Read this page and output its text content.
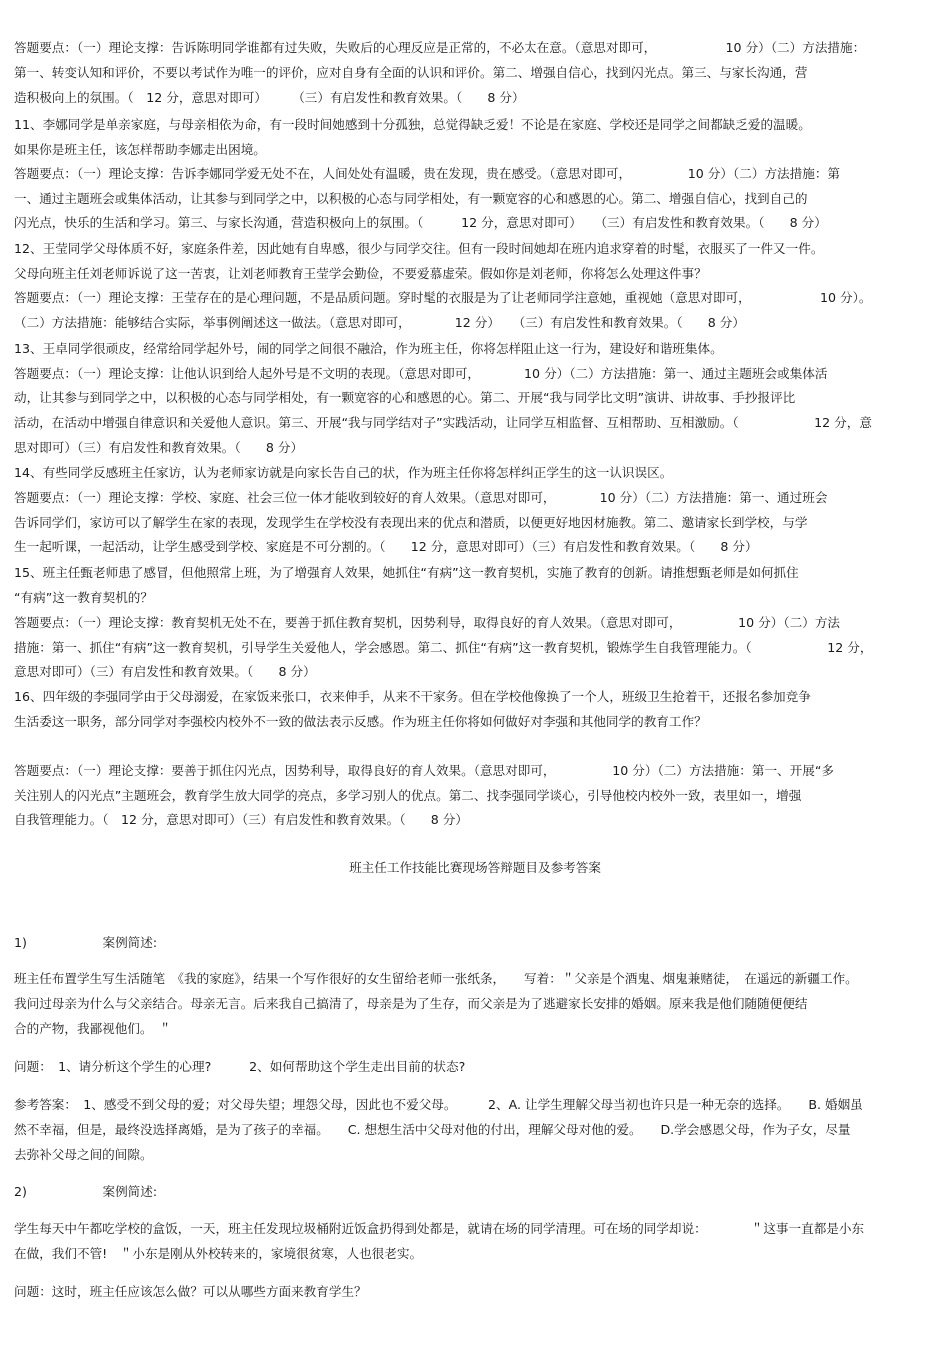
答题要点：（一）理论支撑：告诉陈明同学谁都有过失败，失败后的心理反应是正常的，不必太在意。（意思对即可，　　　　　　10 分）（二）方法措施：
第一、转变认知和评价，不要以考试作为唯一的评价，应对自身有全面的认识和评价。第二、增强自信心，找到闪光点。第三、与家长沟通，营
造积极向上的氛围。（　12 分，意思对即可）　　　（三）有启发性和教育效果。（　　8 分）
11、李娜同学是单亲家庭，与母亲相依为命，有一段时间她感到十分孤独，总觉得缺乏爱！不论是在家庭、学校还是同学之间都缺乏爱的温暖。
如果你是班主任，该怎样帮助李娜走出困境。
答题要点：（一）理论支撑：告诉李娜同学爱无处不在，人间处处有温暖，贵在发现，贵在感受。（意思对即可，　　　　　10 分）（二）方法措施：第
一、通过主题班会或集体活动，让其参与到同学之中，以积极的心态与同学相处，有一颗宽容的心和感恩的心。第二、增强自信心，找到自己的
闪光点，快乐的生活和学习。第三、与家长沟通，营造积极向上的氛围。（　　　12 分，意思对即可）　　（三）有启发性和教育效果。（　　8 分）
12、王莹同学父母体质不好，家庭条件差，因此她有自卑感，很少与同学交往。但有一段时间她却在班内追求穿着的时髦，衣服买了一件又一件。
父母向班主任刘老师诉说了这一苦衷，让刘老师教育王莹学会勤俭，不要爱慕虚荣。假如你是刘老师，你将怎么处理这件事？
答题要点：（一）理论支撑：王莹存在的是心理问题，不是品质问题。穿时髦的衣服是为了让老师同学注意她，重视她（意思对即可，　　　　　　10 分）。
（二）方法措施：能够结合实际，举事例阐述这一做法。（意思对即可，　　　　12 分）　　（三）有启发性和教育效果。（　　8 分）
13、王卓同学很顽皮，经常给同学起外号，闹的同学之间很不融洽，作为班主任，你将怎样阻止这一行为，建设好和谐班集体。
答题要点：（一）理论支撑：让他认识到给人起外号是不文明的表现。（意思对即可，　　　　10 分）（二）方法措施：第一、通过主题班会或集体活
动，让其参与到同学之中，以积极的心态与同学相处，有一颗宽容的心和感恩的心。第二、开展“我与同学比文明”演讲、讲故事、手抄报评比
活动，在活动中增强自律意识和关爱他人意识。第三、开展“我与同学结对子”实践活动，让同学互相监督、互相帮助、互相激励。（　　　　　　12 分，意
思对即可）（三）有启发性和教育效果。（　　8 分）
14、有些同学反感班主任家访，认为老师家访就是向家长告自己的状，作为班主任你将怎样纠正学生的这一认识误区。
答题要点：（一）理论支撑：学校、家庭、社会三位一体才能收到较好的育人效果。（意思对即可，　　　　10 分）（二）方法措施：第一、通过班会
告诉同学们，家访可以了解学生在家的表现，发现学生在学校没有表现出来的优点和潜质，以便更好地因材施教。第二、邀请家长到学校，与学
生一起听课，一起活动，让学生感受到学校、家庭是不可分割的。（　　12 分，意思对即可）（三）有启发性和教育效果。（　　8 分）
15、班主任甄老师患了感冒，但他照常上班，为了增强育人效果，她抓住“有病”这一教育契机，实施了教育的创新。请推想甄老师是如何抓住
“有病”这一教育契机的？
答题要点：（一）理论支撑：教育契机无处不在，要善于抓住教育契机，因势利导，取得良好的育人效果。（意思对即可，　　　　　10 分）（二）方法
措施：第一、抓住“有病”这一教育契机，引导学生关爱他人，学会感恩。第二、抓住“有病”这一教育契机，锻炼学生自我管理能力。（　　　　　　12 分，
意思对即可）（三）有启发性和教育效果。（　　8 分）
16、四年级的李强同学由于父母溺爱，在家饭来张口，衣来伸手，从来不干家务。但在学校他像换了一个人，班级卫生抢着干，还报名参加竞争
生活委这一职务，部分同学对李强校内校外不一致的做法表示反感。作为班主任你将如何做好对李强和其他同学的教育工作？
答题要点：（一）理论支撑：要善于抓住闪光点，因势利导，取得良好的育人效果。（意思对即可，　　　　　10 分）（二）方法措施：第一、开展“多
关注别人的闪光点”主题班会，教育学生放大同学的亮点，多学习别人的优点。第二、找李强同学谈心，引导他校内校外一致，表里如一，增强
自我管理能力。（　12 分，意思对即可）（三）有启发性和教育效果。（　　8 分）
班主任工作技能比赛现场答辩题目及参考答案
1)　　　　　　案例简述:
班主任布置学生写生活随笔　《我的家庭》，结果一个写作很好的女生留给老师一张纸条，　　写着：＂父亲是个酒鬼、烟鬼兼赌徒，　在遥远的新疆工作。
我问过母亲为什么与父亲结合。母亲无言。后来我自己搞清了，母亲是为了生存，而父亲是为了逃避家长安排的婚姻。原来我是他们随随便便结
合的产物，我鄙视他们。　＂
问题：　1、请分析这个学生的心理?　　　2、如何帮助这个学生走出目前的状态?
参考答案：　1、感受不到父母的爱；对父母失望；埋怨父母，因此也不爱父母。　　　2、A. 让学生理解父母当初也许只是一种无奈的选择。　　B. 婚姻虽
然不幸福，但是，最终没选择离婚，是为了孩子的幸福。　　C. 想想生活中父母对他的付出，理解父母对他的爱。　　D.学会感恩父母，作为子女，尽量
去弥补父母之间的间隙。
2)　　　　　　案例简述:
学生每天中午都吃学校的盒饭，一天，班主任发现垃圾桶附近饭盒扔得到处都是，就请在场的同学清理。可在场的同学却说：　　　　＂这事一直都是小东
在做，我们不管!　＂小东是刚从外校转来的，家境很贫寒，人也很老实。
问题：这时，班主任应该怎么做？可以从哪些方面来教育学生？
